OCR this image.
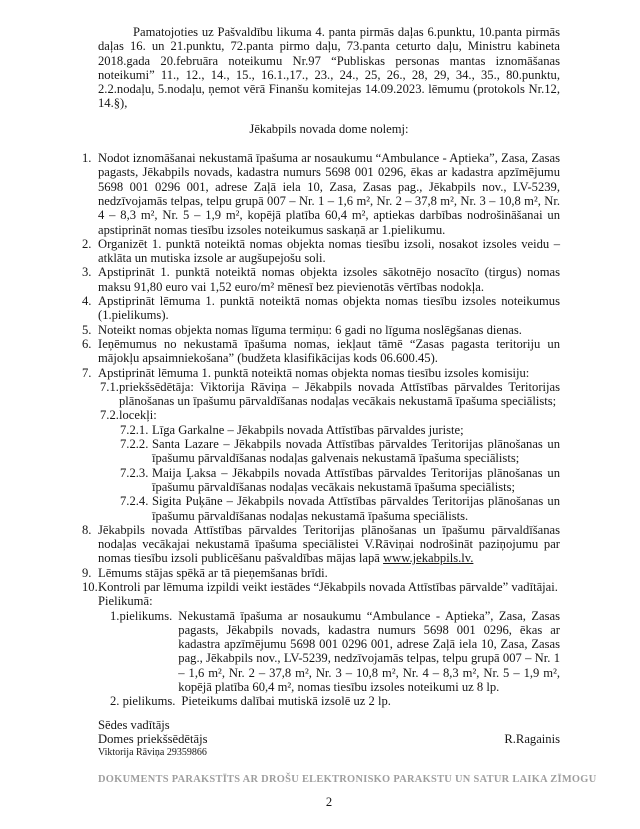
Pamatojoties uz Pašvaldību likuma 4. panta pirmās daļas 6.punktu, 10.panta pirmās daļas 16. un 21.punktu, 72.panta pirmo daļu, 73.panta ceturto daļu, Ministru kabineta 2018.gada 20.februāra noteikumu Nr.97 “Publiskas personas mantas iznomāšanas noteikumi” 11., 12., 14., 15., 16.1.,17., 23., 24., 25, 26., 28, 29, 34., 35., 80.punktu, 2.2.nodaļu, 5.nodaļu, ņemot vērā Finanšu komitejas 14.09.2023. lēmumu (protokols Nr.12, 14.§),

Jēkabpils novada dome nolemj:

1. Nodot iznomāšanai nekustamā īpašuma ar nosaukumu “Ambulance - Aptieka”, Zasa, Zasas pagasts, Jēkabpils novads, kadastra numurs 5698 001 0296, ēkas ar kadastra apzīmējumu 5698 001 0296 001, adrese Zaļā iela 10, Zasa, Zasas pag., Jēkabpils nov., LV-5239, nedzīvojamās telpas, telpu grupā 007 – Nr. 1 – 1,6 m², Nr. 2 – 37,8 m², Nr. 3 – 10,8 m², Nr. 4 – 8,3 m², Nr. 5 – 1,9 m², kopējā platība 60,4 m², aptiekas darbības nodrošināšanai un apstiprināt nomas tiesību izsoles noteikumus saskaņā ar 1.pielikumu.
2. Organizēt 1. punktā noteiktā nomas objekta nomas tiesību izsoli, nosakot izsoles veidu – atklāta un mutiska izsole ar augšupejošu soli.
3. Apstiprināt 1. punktā noteiktā nomas objekta izsoles sākotnējo nosacīto (tirgus) nomas maksu 91,80 euro vai 1,52 euro/m² mēnesī bez pievienotās vērtības nodokļa.
4. Apstiprināt lēmuma 1. punktā noteiktā nomas objekta nomas tiesību izsoles noteikumus (1.pielikums).
5. Noteikt nomas objekta nomas līguma termiņu: 6 gadi no līguma noslēgšanas dienas.
6. Ieņēmumus no nekustamā īpašuma nomas, iekļaut tāmē “Zasas pagasta teritoriju un mājokļu apsaimniekošana” (budžeta klasifikācijas kods 06.600.45).
7. Apstiprināt lēmuma 1. punktā noteiktā nomas objekta nomas tiesību izsoles komisiju:
7.1. priekšsēdētāja: Viktorija Rāviņa – Jēkabpils novada Attīstības pārvaldes Teritorijas plānošanas un īpašumu pārvaldīšanas nodaļas vecākais nekustamā īpašuma speciālists;
7.2. locekļi:
7.2.1. Līga Garkalne – Jēkabpils novada Attīstības pārvaldes juriste;
7.2.2. Santa Lazare – Jēkabpils novada Attīstības pārvaldes Teritorijas plānošanas un īpašumu pārvaldīšanas nodaļas galvenais nekustamā īpašuma speciālists;
7.2.3. Maija Ļaksa – Jēkabpils novada Attīstības pārvaldes Teritorijas plānošanas un īpašumu pārvaldīšanas nodaļas vecākais nekustamā īpašuma speciālists;
7.2.4. Sigita Puķāne – Jēkabpils novada Attīstības pārvaldes Teritorijas plānošanas un īpašumu pārvaldīšanas nodaļas nekustamā īpašuma speciālists.
8. Jēkabpils novada Attīstības pārvaldes Teritorijas plānošanas un īpašumu pārvaldīšanas nodaļas vecākajai nekustamā īpašuma speciālistei V.Rāviņai nodrošināt paziņojumu par nomas tiesību izsoli publicēšanu pašvaldības mājas lapā www.jekabpils.lv.
9. Lēmums stājas spēkā ar tā pieņemšanas brīdi.
10. Kontroli par lēmuma izpildi veikt iestādes “Jēkabpils novada Attīstības pārvalde” vadītājai.

Pielikumā:

1.pielikums. Nekustamā īpašuma ar nosaukumu “Ambulance - Aptieka”, Zasa, Zasas pagasts, Jēkabpils novads, kadastra numurs 5698 001 0296, ēkas ar kadastra apzīmējumu 5698 001 0296 001, adrese Zaļā iela 10, Zasa, Zasas pag., Jēkabpils nov., LV-5239, nedzīvojamās telpas, telpu grupā 007 – Nr. 1 – 1,6 m², Nr. 2 – 37,8 m², Nr. 3 – 10,8 m², Nr. 4 – 8,3 m², Nr. 5 – 1,9 m², kopējā platība 60,4 m², nomas tiesību izsoles noteikumi uz 8 lp.
2. pielikums. Pieteikums dalībai mutiskā izsolē uz 2 lp.
Sēdes vadītājs
Domes priekšsēdētājs	R.Ragainis
Viktorija Rāviņa 29359866
DOKUMENTS PARAKSTĪTS AR DROŠU ELEKTRONISKO PARAKSTU UN SATUR LAIKA ZĪMOGU
2
